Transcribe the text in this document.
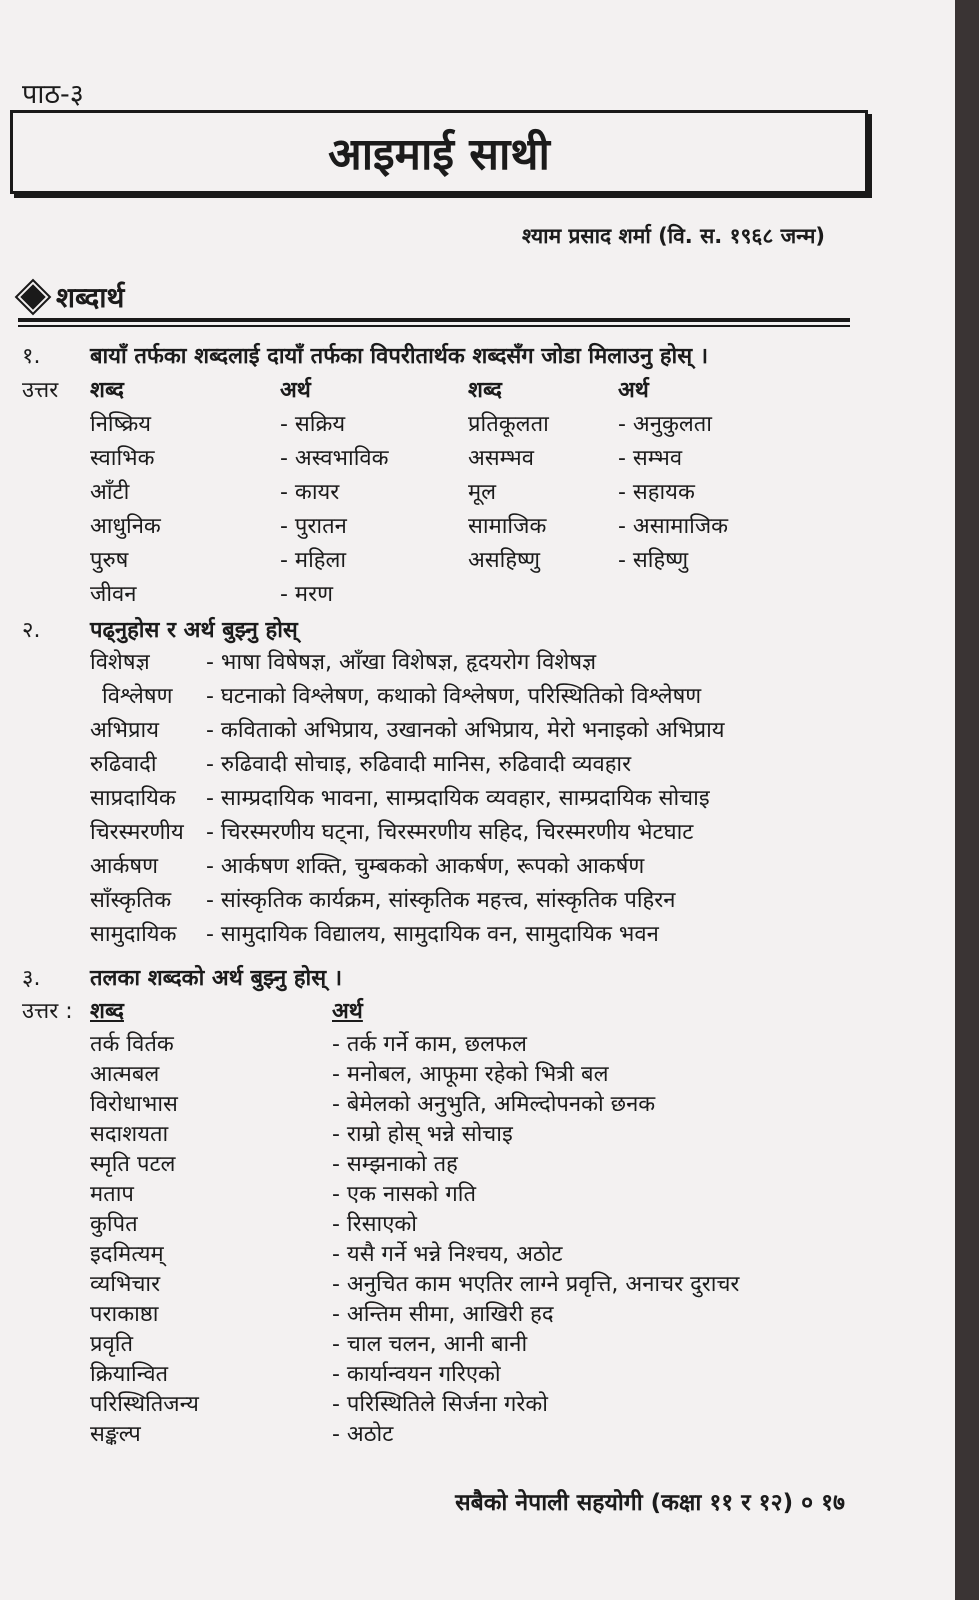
पाठ-३
आइमाई साथी
श्याम प्रसाद शर्मा (वि. स. १९६८ जन्म)
शब्दार्थ
१. बायाँ तर्फका शब्दलाई दायाँ तर्फका विपरीतार्थक शब्दसँग जोडा मिलाउनु होस् ।
उत्तर शब्द	अर्थ	शब्द	अर्थ
निष्क्रिय	- सक्रिय	प्रतिकूलता	- अनुकुलता
स्वाभिक	- अस्वभाविक	असम्भव	- सम्भव
आँटी	- कायर	मूल	- सहायक
आधुनिक	- पुरातन	सामाजिक	- असामाजिक
पुरुष	- महिला	असहिष्णु	- सहिष्णु
जीवन	- मरण
२. पढ्नुहोस र अर्थ बुझ्नु होस्
विशेषज्ञ	- भाषा विषेषज्ञ, आँखा विशेषज्ञ, हृदयरोग विशेषज्ञ
विश्लेषण - घटनाको विश्लेषण, कथाको विश्लेषण, परिस्थितिको विश्लेषण
अभिप्राय - कविताको अभिप्राय, उखानको अभिप्राय, मेरो भनाइको अभिप्राय
रुढिवादी - रुढिवादी सोचाइ, रुढिवादी मानिस, रुढिवादी व्यवहार
साप्रदायिक - साम्प्रदायिक भावना, साम्प्रदायिक व्यवहार, साम्प्रदायिक सोचाइ
चिरस्मरणीय - चिरस्मरणीय घट्ना, चिरस्मरणीय सहिद, चिरस्मरणीय भेटघाट
आर्कषण - आर्कषण शक्ति, चुम्बकको आकर्षण, रूपको आकर्षण
साँस्कृतिक - सांस्कृतिक कार्यक्रम, सांस्कृतिक महत्त्व, सांस्कृतिक पहिरन
सामुदायिक - सामुदायिक विद्यालय, सामुदायिक वन, सामुदायिक भवन
३. तलका शब्दको अर्थ बुझ्नु होस् ।
उत्तर : शब्द	अर्थ
तर्क विर्तक	- तर्क गर्ने काम, छलफल
आत्मबल	- मनोबल, आफूमा रहेको भित्री बल
विरोधाभास	- बेमेलको अनुभुति, अमिल्दोपनको छनक
सदाशयता	- राम्रो होस् भन्ने सोचाइ
स्मृति पटल	- सम्झनाको तह
मताप	- एक नासको गति
कुपित	- रिसाएको
इदमित्यम्	- यसै गर्ने भन्ने निश्चय, अठोट
व्यभिचार	- अनुचित काम भएतिर लाग्ने प्रवृत्ति, अनाचर दुराचर
पराकाष्ठा	- अन्तिम सीमा, आखिरी हद
प्रवृति	- चाल चलन, आनी बानी
क्रियान्वित	- कार्यान्वयन गरिएको
परिस्थितिजन्य	- परिस्थितिले सिर्जना गरेको
सङ्कल्प	- अठोट
सबैको नेपाली सहयोगी (कक्षा ११ र १२) ० १७
